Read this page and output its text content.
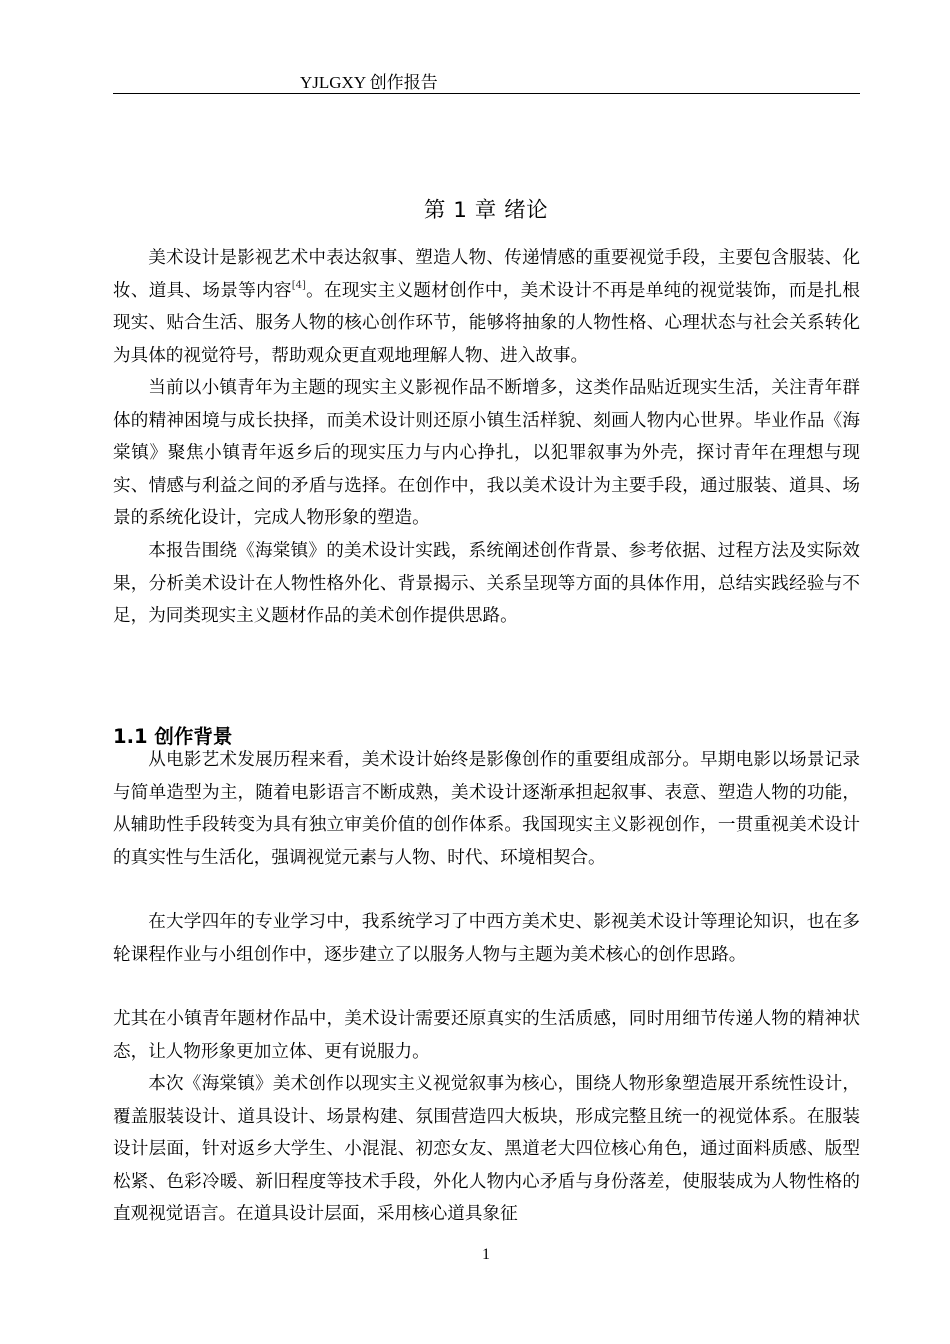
YJLGXY 创作报告
第 1 章 绪论

美术设计是影视艺术中表达叙事、塑造人物、传递情感的重要视觉手段，主要包含服装、化妆、道具、场景等内容[4]。在现实主义题材创作中，美术设计不再是单纯的视觉装饰，而是扎根现实、贴合生活、服务人物的核心创作环节，能够将抽象的人物性格、心理状态与社会关系转化为具体的视觉符号，帮助观众更直观地理解人物、进入故事。

当前以小镇青年为主题的现实主义影视作品不断增多，这类作品贴近现实生活，关注青年群体的精神困境与成长抉择，而美术设计则还原小镇生活样貌、刻画人物内心世界。毕业作品《海棠镇》聚焦小镇青年返乡后的现实压力与内心挣扎，以犯罪叙事为外壳，探讨青年在理想与现实、情感与利益之间的矛盾与选择。在创作中，我以美术设计为主要手段，通过服装、道具、场景的系统化设计，完成人物形象的塑造。

本报告围绕《海棠镇》的美术设计实践，系统阐述创作背景、参考依据、过程方法及实际效果，分析美术设计在人物性格外化、背景揭示、关系呈现等方面的具体作用，总结实践经验与不足，为同类现实主义题材作品的美术创作提供思路。

1.1 创作背景

从电影艺术发展历程来看，美术设计始终是影像创作的重要组成部分。早期电影以场景记录与简单造型为主，随着电影语言不断成熟，美术设计逐渐承担起叙事、表意、塑造人物的功能，从辅助性手段转变为具有独立审美价值的创作体系。我国现实主义影视创作，一贯重视美术设计的真实性与生活化，强调视觉元素与人物、时代、环境相契合。

在大学四年的专业学习中，我系统学习了中西方美术史、影视美术设计等理论知识，也在多轮课程作业与小组创作中，逐步建立了以服务人物与主题为美术核心的创作思路。

尤其在小镇青年题材作品中，美术设计需要还原真实的生活质感，同时用细节传递人物的精神状态，让人物形象更加立体、更有说服力。

本次《海棠镇》美术创作以现实主义视觉叙事为核心，围绕人物形象塑造展开系统性设计，覆盖服装设计、道具设计、场景构建、氛围营造四大板块，形成完整且统一的视觉体系。在服装设计层面，针对返乡大学生、小混混、初恋女友、黑道老大四位核心角色，通过面料质感、版型松紧、色彩冷暖、新旧程度等技术手段，外化人物内心矛盾与身份落差，使服装成为人物性格的直观视觉语言。在道具设计层面，采用核心道具象征

1
